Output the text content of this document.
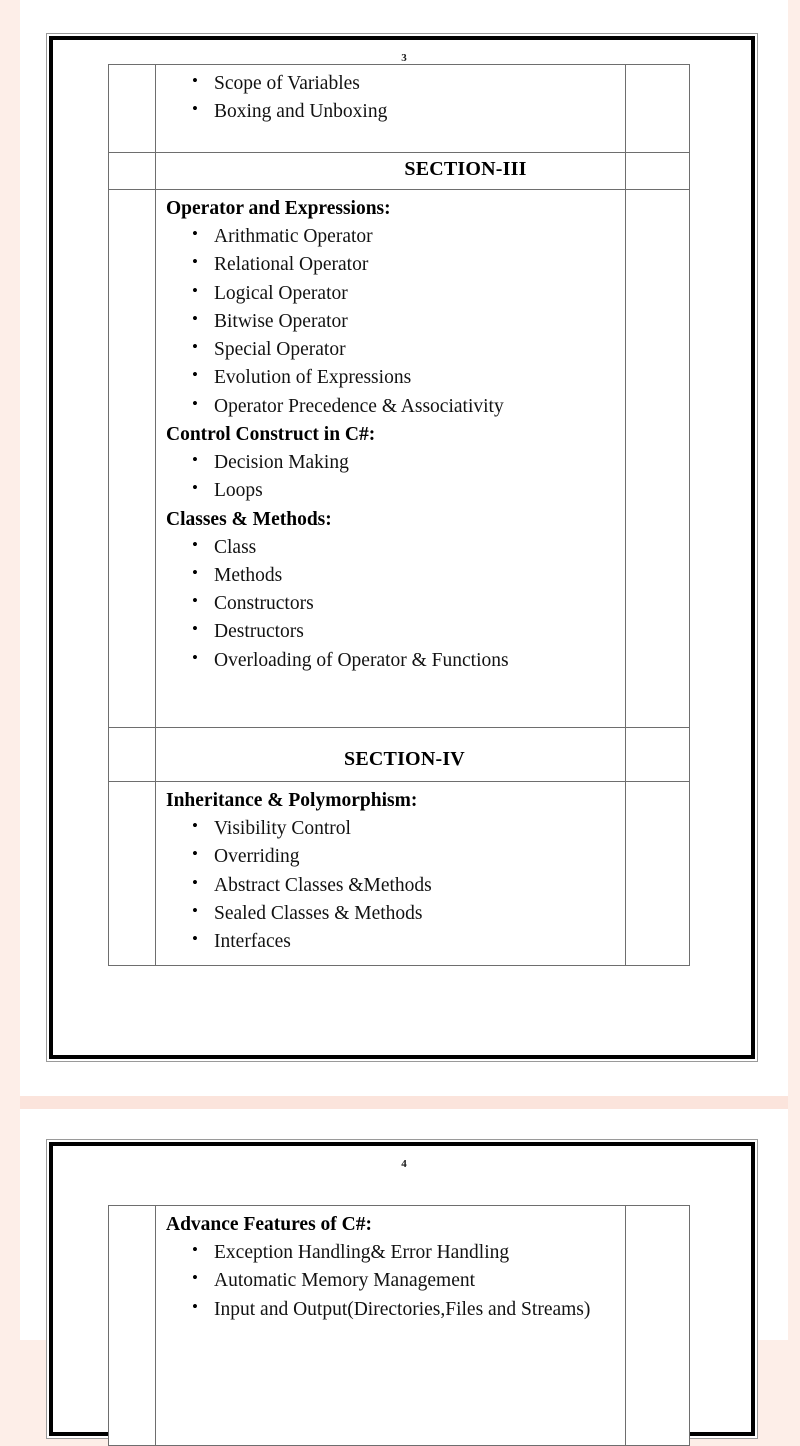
3

• Scope of Variables
• Boxing and Unboxing

	SECTION-III	

Operator and Expressions:
• Arithmatic Operator
• Relational Operator
• Logical Operator
• Bitwise Operator
• Special Operator
• Evolution of Expressions
• Operator Precedence & Associativity
Control Construct in C#:
• Decision Making
• Loops
Classes & Methods:
• Class
• Methods
• Constructors
• Destructors
• Overloading of Operator & Functions

	SECTION-IV	

Inheritance & Polymorphism:
• Visibility Control
• Overriding
• Abstract Classes &Methods
• Sealed Classes & Methods
• Interfaces

4

Advance Features of C#:
• Exception Handling& Error Handling
• Automatic Memory Management
• Input and Output(Directories,Files and Streams)
